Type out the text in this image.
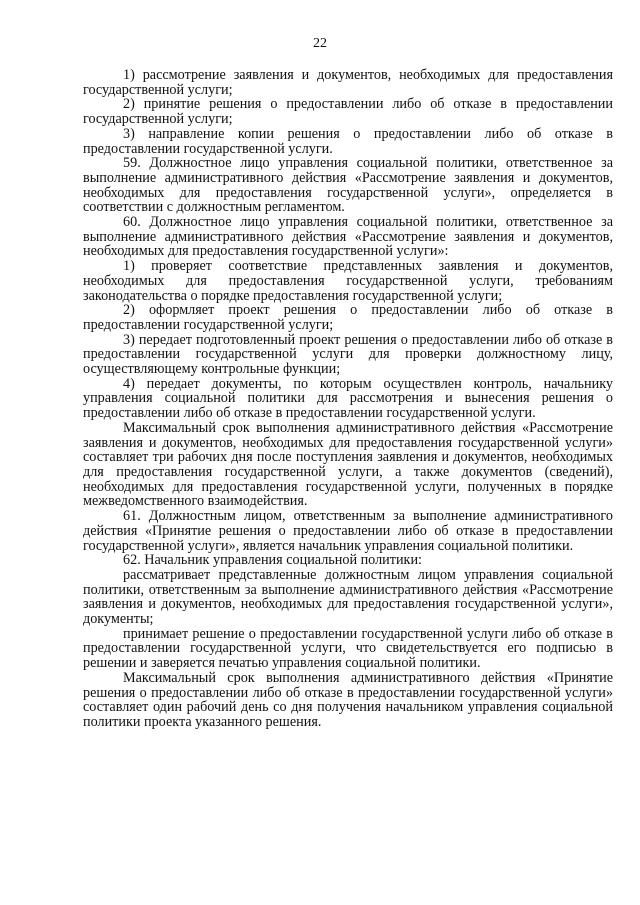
22

1) рассмотрение заявления и документов, необходимых для предоставления государственной услуги;

2) принятие решения о предоставлении либо об отказе в предоставлении государственной услуги;

3) направление копии решения о предоставлении либо об отказе в предоставлении государственной услуги.

59. Должностное лицо управления социальной политики, ответственное за выполнение административного действия «Рассмотрение заявления и документов, необходимых для предоставления государственной услуги», определяется в соответствии с должностным регламентом.

60. Должностное лицо управления социальной политики, ответственное за выполнение административного действия «Рассмотрение заявления и документов, необходимых для предоставления государственной услуги»:

1) проверяет соответствие представленных заявления и документов, необходимых для предоставления государственной услуги, требованиям законодательства о порядке предоставления государственной услуги;

2) оформляет проект решения о предоставлении либо об отказе в предоставлении государственной услуги;

3) передает подготовленный проект решения о предоставлении либо об отказе в предоставлении государственной услуги для проверки должностному лицу, осуществляющему контрольные функции;

4) передает документы, по которым осуществлен контроль, начальнику управления социальной политики для рассмотрения и вынесения решения о предоставлении либо об отказе в предоставлении государственной услуги.

Максимальный срок выполнения административного действия «Рассмотрение заявления и документов, необходимых для предоставления государственной услуги» составляет три рабочих дня после поступления заявления и документов, необходимых для предоставления государственной услуги, а также документов (сведений), необходимых для предоставления государственной услуги, полученных в порядке межведомственного взаимодействия.

61. Должностным лицом, ответственным за выполнение административного действия «Принятие решения о предоставлении либо об отказе в предоставлении государственной услуги», является начальник управления социальной политики.

62. Начальник управления социальной политики:

рассматривает представленные должностным лицом управления социальной политики, ответственным за выполнение административного действия «Рассмотрение заявления и документов, необходимых для предоставления государственной услуги», документы;

принимает решение о предоставлении государственной услуги либо об отказе в предоставлении государственной услуги, что свидетельствуется его подписью в решении и заверяется печатью управления социальной политики.

Максимальный срок выполнения административного действия «Принятие решения о предоставлении либо об отказе в предоставлении государственной услуги» составляет один рабочий день со дня получения начальником управления социальной политики проекта указанного решения.
